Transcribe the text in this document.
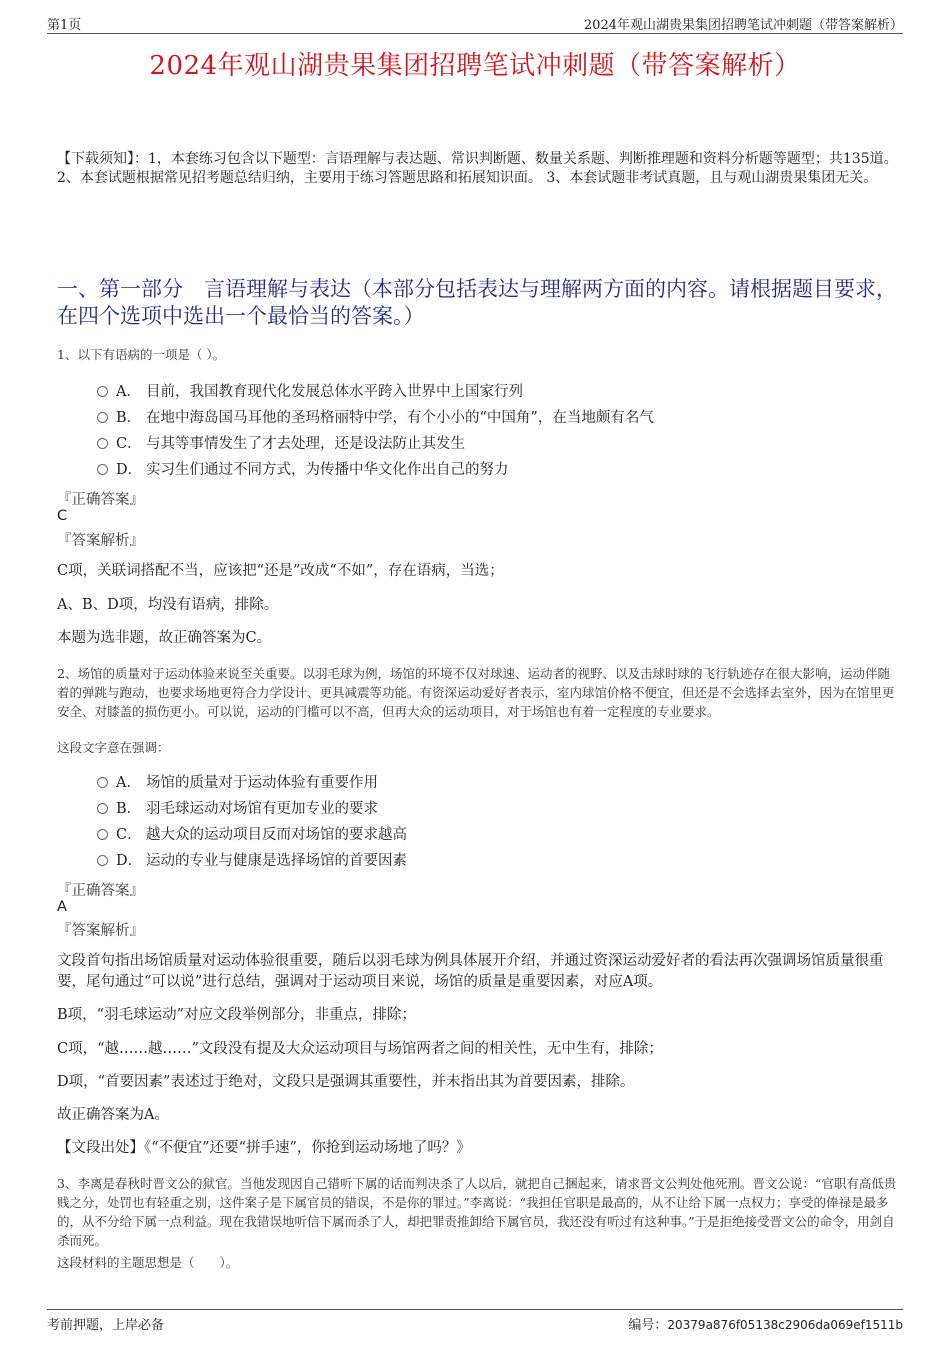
第1页	2024年观山湖贵果集团招聘笔试冲刺题（带答案解析）
2024年观山湖贵果集团招聘笔试冲刺题（带答案解析）
【下载须知】：1，本套练习包含以下题型：言语理解与表达题、常识判断题、数量关系题、判断推理题和资料分析题等题型；共135道。 2、本套试题根据常见招考题总结归纳，主要用于练习答题思路和拓展知识面。 3、本套试题非考试真题，且与观山湖贵果集团无关。
一、第一部分　言语理解与表达（本部分包括表达与理解两方面的内容。请根据题目要求，在四个选项中选出一个最恰当的答案。）
1、以下有语病的一项是（ ）。
A． 目前，我国教育现代化发展总体水平跨入世界中上国家行列
B． 在地中海岛国马耳他的圣玛格丽特中学，有个小小的“中国角”，在当地颇有名气
C． 与其等事情发生了才去处理，还是设法防止其发生
D． 实习生们通过不同方式，为传播中华文化作出自己的努力
『正确答案』
C
『答案解析』
C项，关联词搭配不当，应该把“还是”改成“不如”，存在语病，当选；
A、B、D项，均没有语病，排除。
本题为选非题，故正确答案为C。
2、场馆的质量对于运动体验来说至关重要。以羽毛球为例，场馆的环境不仅对球速、运动者的视野、以及击球时球的飞行轨迹存在很大影响，运动伴随着的弹跳与跑动，也要求场地更符合力学设计、更具减震等功能。有资深运动爱好者表示，室内球馆价格不便宜，但还是不会选择去室外，因为在馆里更安全、对膝盖的损伤更小。可以说，运动的门槛可以不高，但再大众的运动项目，对于场馆也有着一定程度的专业要求。
这段文字意在强调：
A． 场馆的质量对于运动体验有重要作用
B． 羽毛球运动对场馆有更加专业的要求
C． 越大众的运动项目反而对场馆的要求越高
D． 运动的专业与健康是选择场馆的首要因素
『正确答案』
A
『答案解析』
文段首句指出场馆质量对运动体验很重要，随后以羽毛球为例具体展开介绍，并通过资深运动爱好者的看法再次强调场馆质量很重要，尾句通过“可以说”进行总结，强调对于运动项目来说，场馆的质量是重要因素，对应A项。
B项，“羽毛球运动”对应文段举例部分，非重点，排除；
C项，“越……越……”文段没有提及大众运动项目与场馆两者之间的相关性，无中生有，排除；
D项，“首要因素”表述过于绝对，文段只是强调其重要性，并未指出其为首要因素，排除。
故正确答案为A。
【文段出处】《“不便宜”还要“拼手速”，你抢到运动场地了吗？》
3、李离是春秋时晋文公的狱官。当他发现因自己错听下属的话而判决杀了人以后，就把自己捆起来，请求晋文公判处他死刑。晋文公说：“官职有高低贵贱之分，处罚也有轻重之别，这件案子是下属官员的错误，不是你的罪过。”李离说：“我担任官职是最高的，从不让给下属一点权力；享受的俸禄是最多的，从不分给下属一点利益。现在我错误地听信下属而杀了人，却把罪责推卸给下属官员，我还没有听过有这种事。”于是拒绝接受晋文公的命令，用剑自杀而死。
这段材料的主题思想是（　　）。
考前押题，上岸必备	编号：20379a876f05138c2906da069ef1511b
